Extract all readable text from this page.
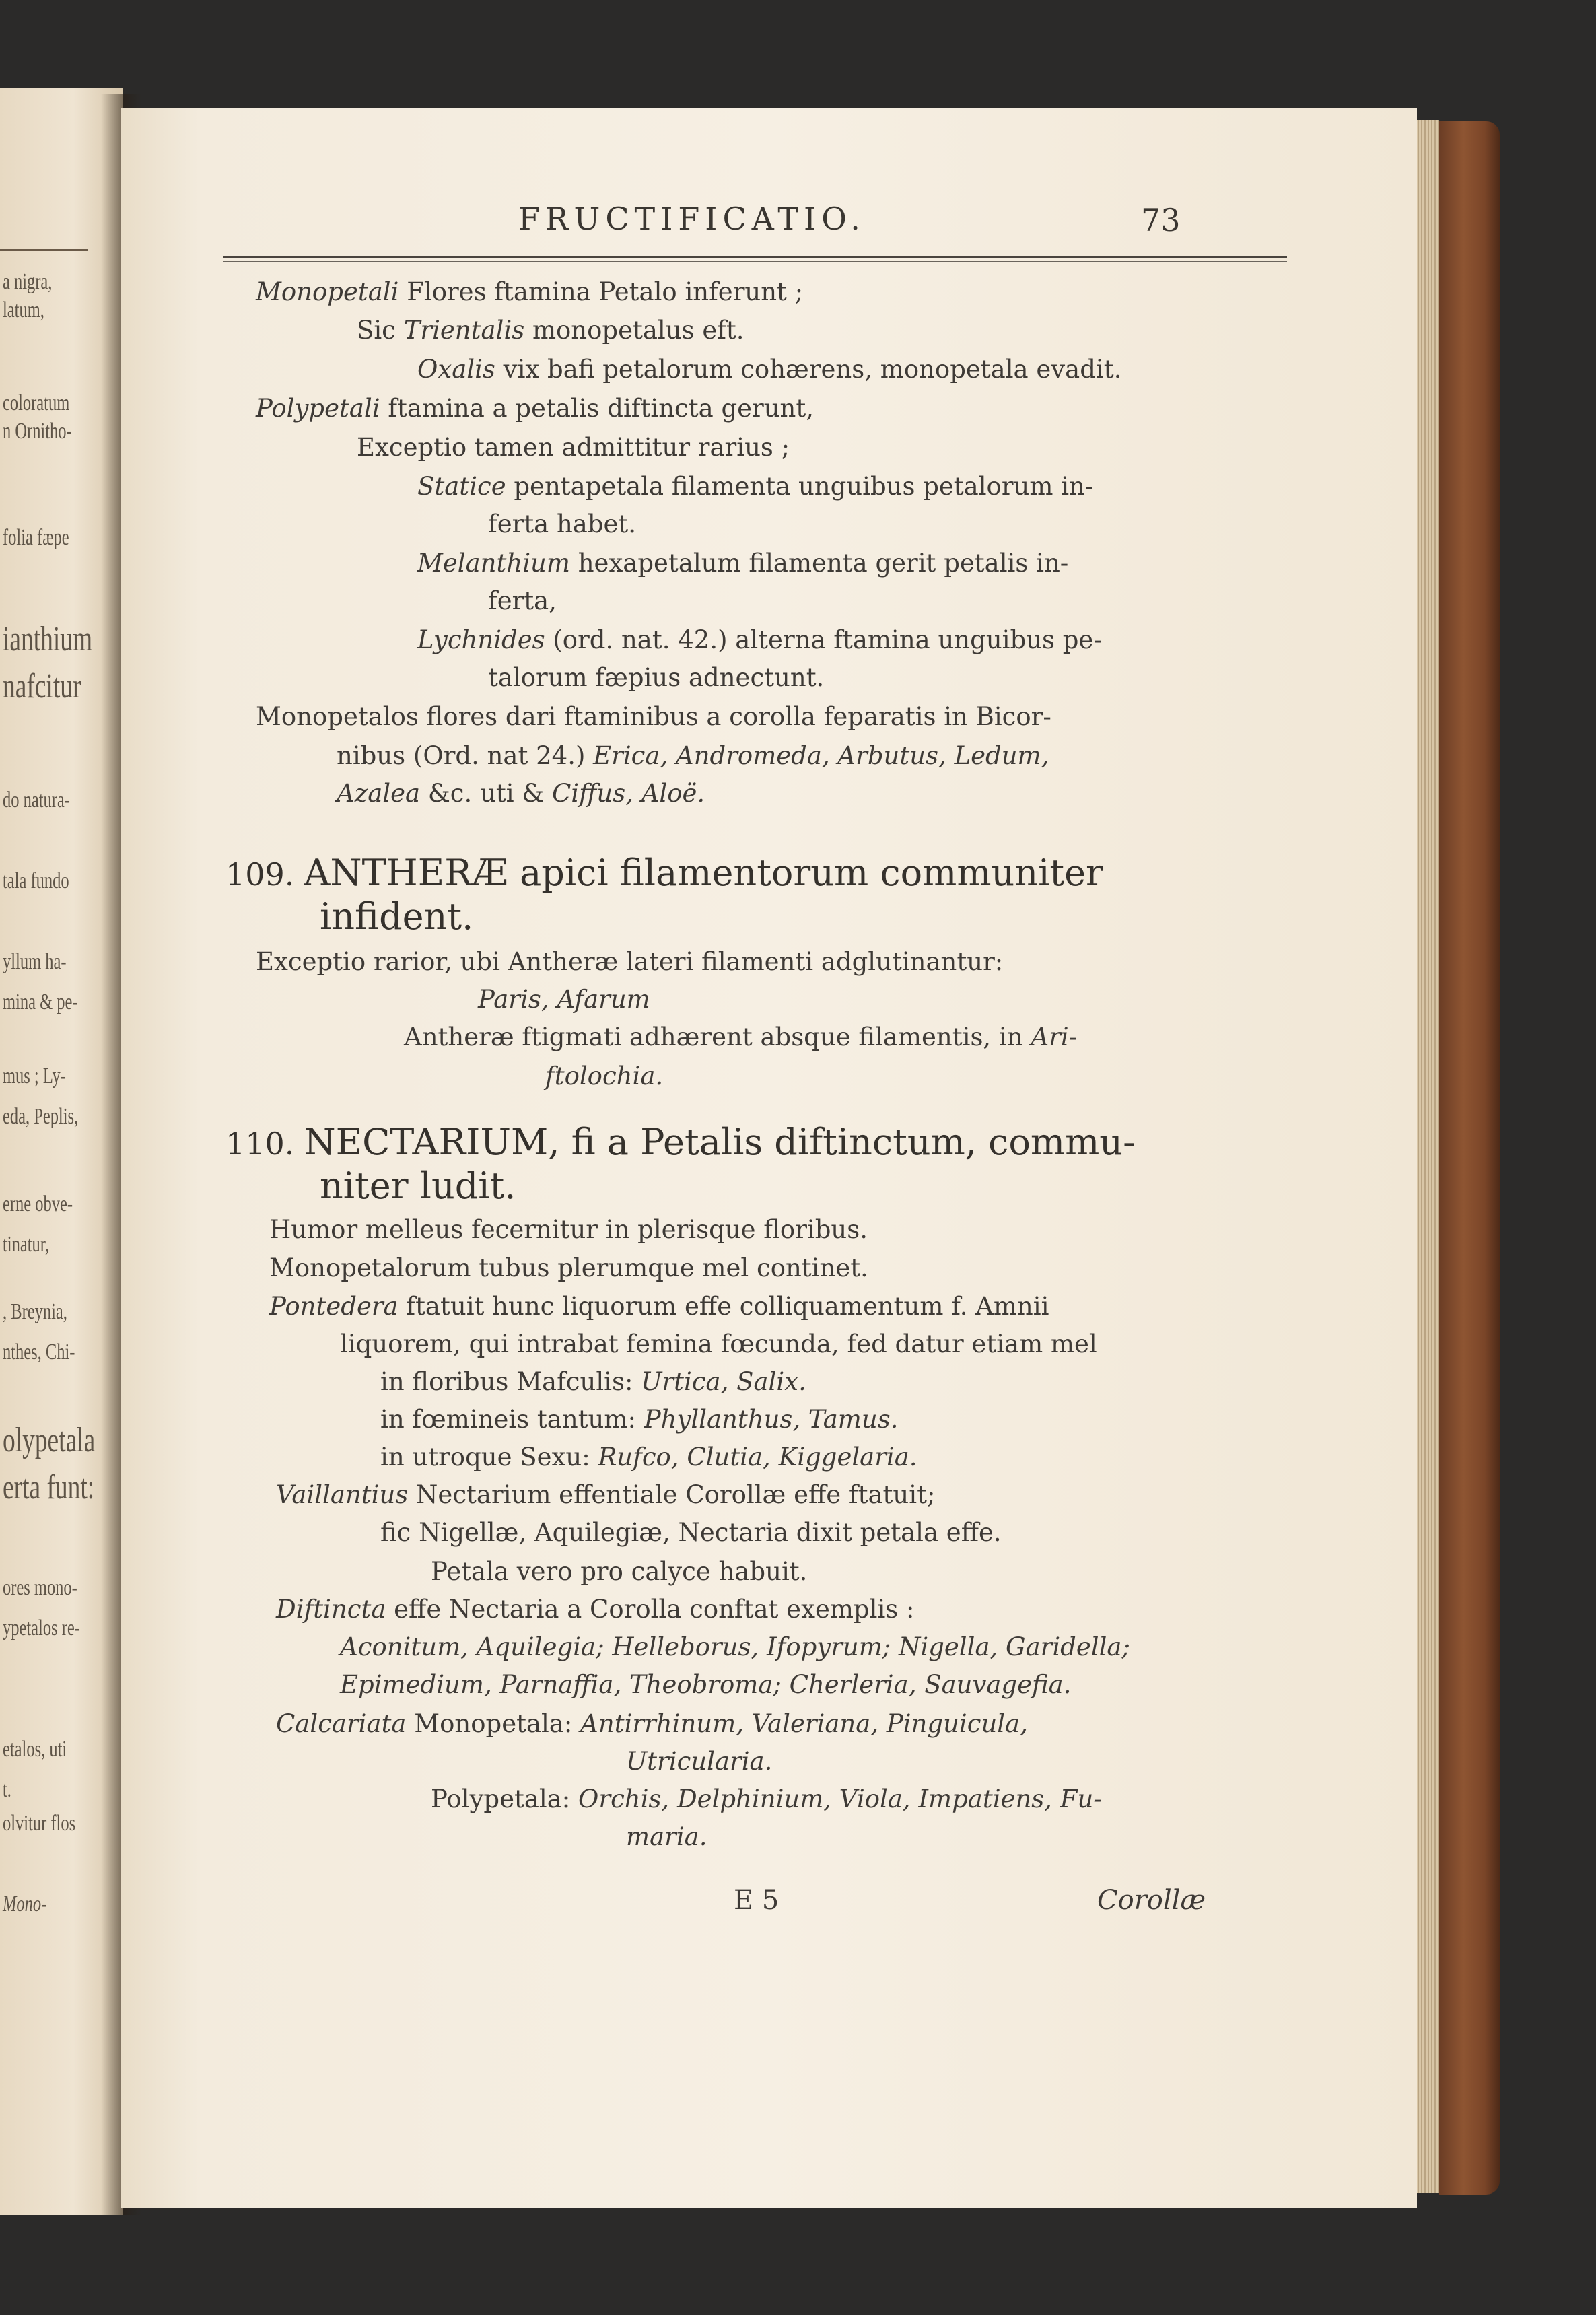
a nigra,
latum,
coloratum
n Ornitho-
folia fæpe
ianthium
nafcitur
do natura-
tala fundo
yllum ha-
mina & pe-
mus ; Ly-
eda, Peplis,
erne obve-
tinatur,
, Breynia,
nthes, Chi-
olypetala
erta funt:
ores mono-
ypetalos re-
etalos, uti
t.
olvitur flos
Mono-
FRUCTIFICATIO.	73
Monopetali Flores ftamina Petalo inferunt ;
Sic Trientalis monopetalus eft.
Oxalis vix bafi petalorum cohærens, monopetala evadit.
Polypetali ftamina a petalis diftincta gerunt,
Exceptio tamen admittitur rarius ;
Statice pentapetala filamenta unguibus petalorum in-
ferta habet.
Melanthium hexapetalum filamenta gerit petalis in-
ferta,
Lychnides (ord. nat. 42.) alterna ftamina unguibus pe-
talorum fæpius adnectunt.
Monopetalos flores dari ftaminibus a corolla feparatis in Bicor-
nibus (Ord. nat 24.) Erica, Andromeda, Arbutus, Ledum,
Azalea &c. uti & Ciffus, Aloë.
109. ANTHERÆ apici filamentorum communiter
infident.
Exceptio rarior, ubi Antheræ lateri filamenti adglutinantur:
Paris, Afarum
Antheræ ftigmati adhærent absque filamentis, in Ari-
ftolochia.
110. NECTARIUM, fi a Petalis diftinctum, commu-
niter ludit.
Humor melleus fecernitur in plerisque floribus.
Monopetalorum tubus plerumque mel continet.
Pontedera ftatuit hunc liquorum effe colliquamentum f. Amnii
liquorem, qui intrabat femina fœcunda, fed datur etiam mel
in floribus Mafculis: Urtica, Salix.
in fœmineis tantum: Phyllanthus, Tamus.
in utroque Sexu: Rufco, Clutia, Kiggelaria.
Vaillantius Nectarium effentiale Corollæ effe ftatuit;
fic Nigellæ, Aquilegiæ, Nectaria dixit petala effe.
Petala vero pro calyce habuit.
Diftincta effe Nectaria a Corolla conftat exemplis :
Aconitum, Aquilegia; Helleborus, Ifopyrum; Nigella, Garidella;
Epimedium, Parnaffia, Theobroma; Cherleria, Sauvagefia.
Calcariata Monopetala: Antirrhinum, Valeriana, Pinguicula,
Utricularia.
Polypetala: Orchis, Delphinium, Viola, Impatiens, Fu-
maria.
E 5	Corollæ
